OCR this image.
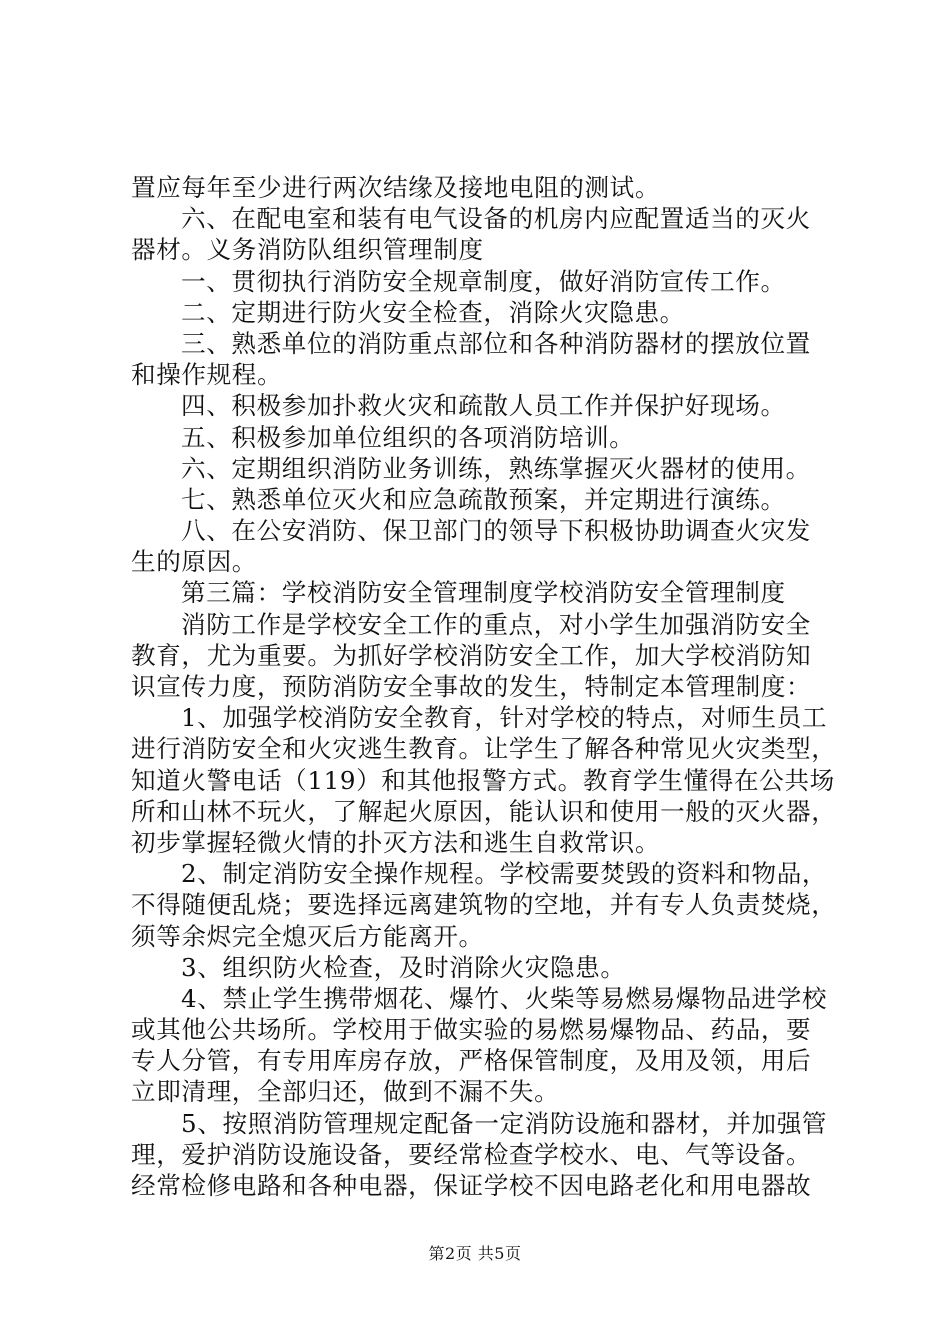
置应每年至少进行两次结缘及接地电阻的测试。
六、在配电室和装有电气设备的机房内应配置适当的灭火
器材。义务消防队组织管理制度
一、贯彻执行消防安全规章制度，做好消防宣传工作。
二、定期进行防火安全检查，消除火灾隐患。
三、熟悉单位的消防重点部位和各种消防器材的摆放位置
和操作规程。
四、积极参加扑救火灾和疏散人员工作并保护好现场。
五、积极参加单位组织的各项消防培训。
六、定期组织消防业务训练，熟练掌握灭火器材的使用。
七、熟悉单位灭火和应急疏散预案，并定期进行演练。
八、在公安消防、保卫部门的领导下积极协助调查火灾发
生的原因。
第三篇：学校消防安全管理制度学校消防安全管理制度
消防工作是学校安全工作的重点，对小学生加强消防安全
教育，尤为重要。为抓好学校消防安全工作，加大学校消防知
识宣传力度，预防消防安全事故的发生，特制定本管理制度：
1、加强学校消防安全教育，针对学校的特点，对师生员工
进行消防安全和火灾逃生教育。让学生了解各种常见火灾类型，
知道火警电话（119）和其他报警方式。教育学生懂得在公共场
所和山林不玩火，了解起火原因，能认识和使用一般的灭火器，
初步掌握轻微火情的扑灭方法和逃生自救常识。
2、制定消防安全操作规程。学校需要焚毁的资料和物品，
不得随便乱烧；要选择远离建筑物的空地，并有专人负责焚烧，
须等余烬完全熄灭后方能离开。
3、组织防火检查，及时消除火灾隐患。
4、禁止学生携带烟花、爆竹、火柴等易燃易爆物品进学校
或其他公共场所。学校用于做实验的易燃易爆物品、药品，要
专人分管，有专用库房存放，严格保管制度，及用及领，用后
立即清理，全部归还，做到不漏不失。
5、按照消防管理规定配备一定消防设施和器材，并加强管
理，爱护消防设施设备，要经常检查学校水、电、气等设备。
经常检修电路和各种电器，保证学校不因电路老化和用电器故
第2页 共5页
